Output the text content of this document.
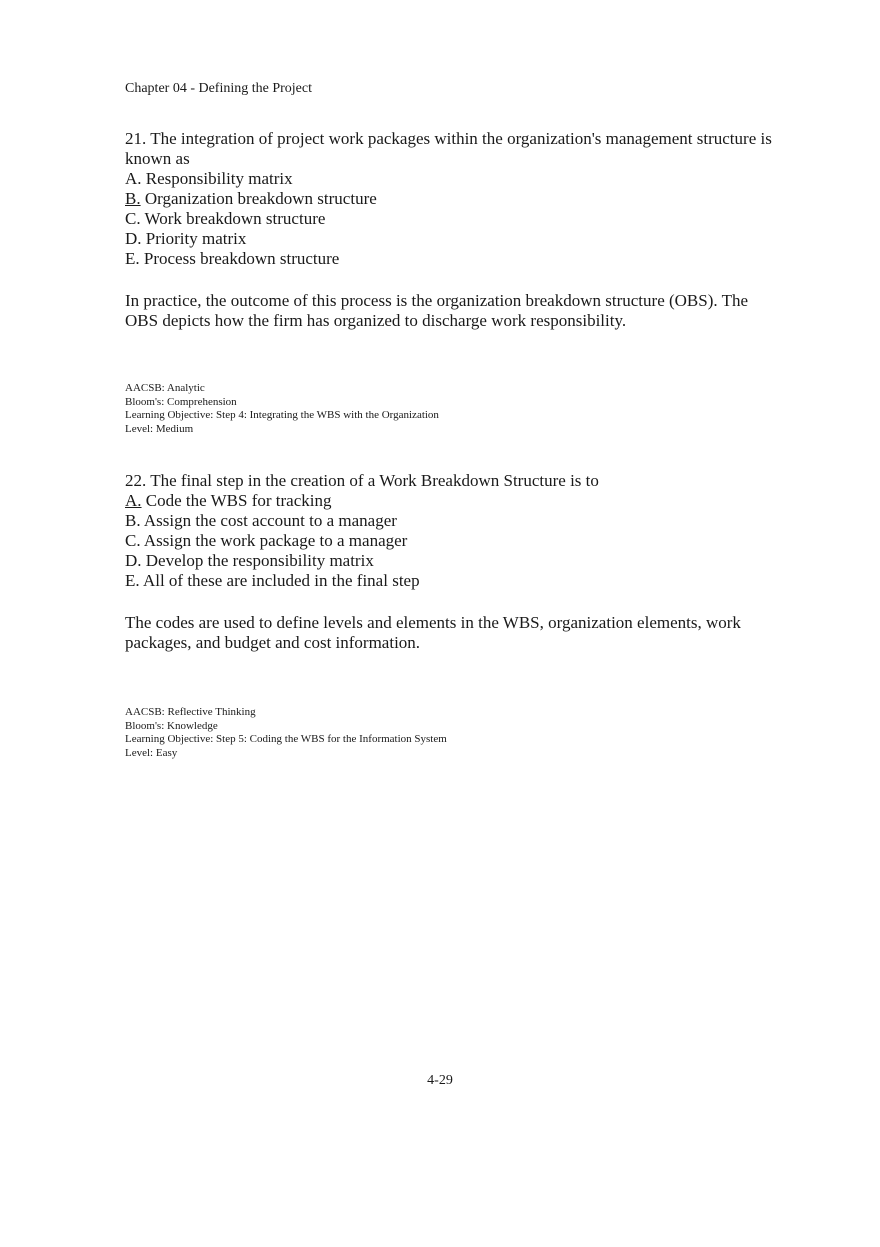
Chapter 04 - Defining the Project

21. The integration of project work packages within the organization's management structure is known as

A. Responsibility matrix
B. Organization breakdown structure
C. Work breakdown structure
D. Priority matrix
E. Process breakdown structure

In practice, the outcome of this process is the organization breakdown structure (OBS). The OBS depicts how the firm has organized to discharge work responsibility.

AACSB: Analytic
Bloom's: Comprehension
Learning Objective: Step 4: Integrating the WBS with the Organization
Level: Medium

22. The final step in the creation of a Work Breakdown Structure is to

A. Code the WBS for tracking
B. Assign the cost account to a manager
C. Assign the work package to a manager
D. Develop the responsibility matrix
E. All of these are included in the final step

The codes are used to define levels and elements in the WBS, organization elements, work packages, and budget and cost information.

AACSB: Reflective Thinking
Bloom's: Knowledge
Learning Objective: Step 5: Coding the WBS for the Information System
Level: Easy
4-29
